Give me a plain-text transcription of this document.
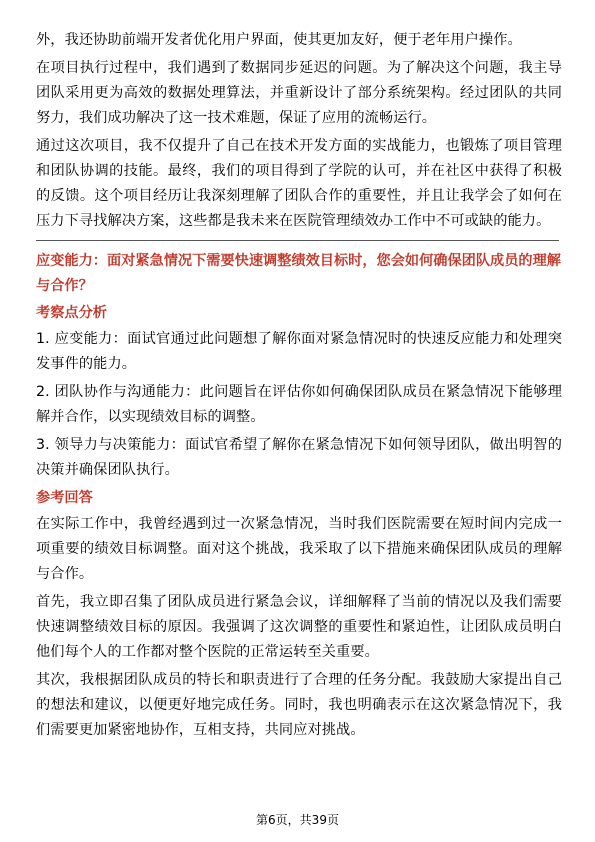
外，我还协助前端开发者优化用户界面，使其更加友好，便于老年用户操作。

在项目执行过程中，我们遇到了数据同步延迟的问题。为了解决这个问题，我主导团队采用更为高效的数据处理算法，并重新设计了部分系统架构。经过团队的共同努力，我们成功解决了这一技术难题，保证了应用的流畅运行。

通过这次项目，我不仅提升了自己在技术开发方面的实战能力，也锻炼了项目管理和团队协调的技能。最终，我们的项目得到了学院的认可，并在社区中获得了积极的反馈。这个项目经历让我深刻理解了团队合作的重要性，并且让我学会了如何在压力下寻找解决方案，这些都是我未来在医院管理绩效办工作中不可或缺的能力。

应变能力：面对紧急情况下需要快速调整绩效目标时，您会如何确保团队成员的理解与合作？

考察点分析

1. 应变能力：面试官通过此问题想了解你面对紧急情况时的快速反应能力和处理突发事件的能力。

2. 团队协作与沟通能力：此问题旨在评估你如何确保团队成员在紧急情况下能够理解并合作，以实现绩效目标的调整。

3. 领导力与决策能力：面试官希望了解你在紧急情况下如何领导团队，做出明智的决策并确保团队执行。

参考回答

在实际工作中，我曾经遇到过一次紧急情况，当时我们医院需要在短时间内完成一项重要的绩效目标调整。面对这个挑战，我采取了以下措施来确保团队成员的理解与合作。

首先，我立即召集了团队成员进行紧急会议，详细解释了当前的情况以及我们需要快速调整绩效目标的原因。我强调了这次调整的重要性和紧迫性，让团队成员明白他们每个人的工作都对整个医院的正常运转至关重要。

其次，我根据团队成员的特长和职责进行了合理的任务分配。我鼓励大家提出自己的想法和建议，以便更好地完成任务。同时，我也明确表示在这次紧急情况下，我们需要更加紧密地协作，互相支持，共同应对挑战。

第6页，共39页
